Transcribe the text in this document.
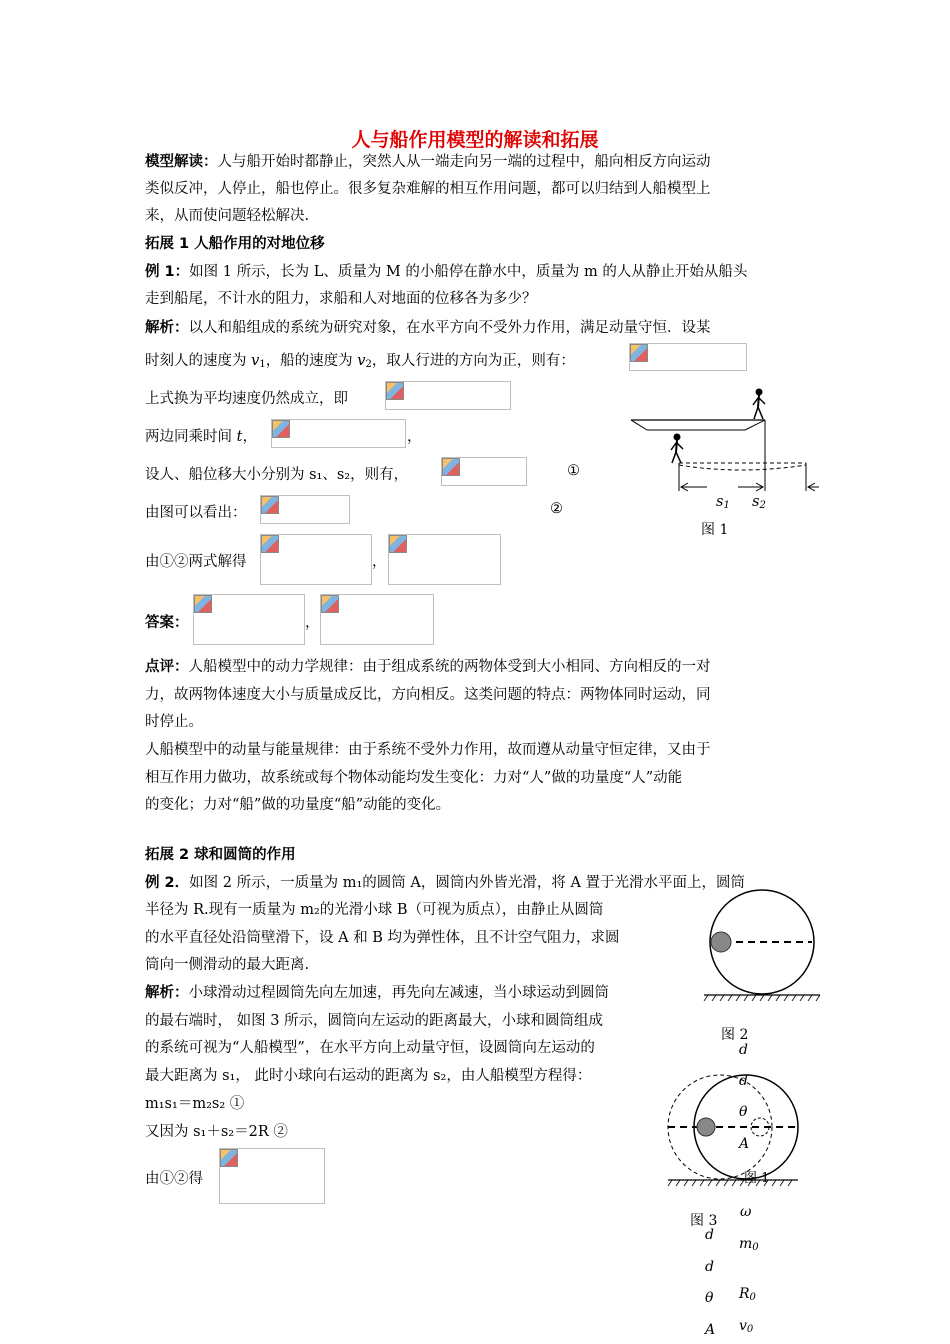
人与船作用模型的解读和拓展
模型解读：人与船开始时都静止，突然人从一端走向另一端的过程中，船向相反方向运动
类似反冲，人停止，船也停止。很多复杂难解的相互作用问题，都可以归结到人船模型上
来，从而使问题轻松解决.
拓展 1 人船作用的对地位移
例 1：如图 1 所示，长为 L、质量为 M 的小船停在静水中，质量为 m 的人从静止开始从船头
走到船尾，不计水的阻力，求船和人对地面的位移各为多少？
解析：以人和船组成的系统为研究对象，在水平方向不受外力作用，满足动量守恒．设某
时刻人的速度为 $v_1$，船的速度为 $v_2$，取人行进的方向为正，则有：
上式换为平均速度仍然成立，即
两边同乘时间 t，	，
设人、船位移大小分别为 s₁、s₂，则有，	①
由图可以看出：	②
由①②两式解得	，
答案：	，
$s_1$ $s_2$
图 1
点评：人船模型中的动力学规律：由于组成系统的两物体受到大小相同、方向相反的一对
力，故两物体速度大小与质量成反比，方向相反。这类问题的特点：两物体同时运动，同
时停止。
人船模型中的动量与能量规律：由于系统不受外力作用，故而遵从动量守恒定律，又由于
相互作用力做功，故系统或每个物体动能均发生变化：力对“人”做的功量度“人”动能
的变化；力对“船”做的功量度“船”动能的变化。
拓展 2 球和圆筒的作用
例 2．如图 2 所示，一质量为 m₁的圆筒 A，圆筒内外皆光滑，将 A 置于光滑水平面上，圆筒
半径为 R.现有一质量为 m₂的光滑小球 B（可视为质点），由静止从圆筒
的水平直径处沿筒壁滑下，设 A 和 B 均为弹性体，且不计空气阻力，求圆
筒向一侧滑动的最大距离.
解析：小球滑动过程圆筒先向左加速，再先向左减速，当小球运动到圆筒
的最右端时， 如图 3 所示，圆筒向左运动的距离最大，小球和圆筒组成
的系统可视为“人船模型”，在水平方向上动量守恒，设圆筒向左运动的
最大距离为 s₁， 此时小球向右运动的距离为 s₂，由人船模型方程得：
m₁s₁＝m₂s₂ ①
又因为 s₁＋s₂＝2R ②
由①②得
图 2
图 3
d
d
θ
A
图 1
ω
$m_0$
$R_0$
$v_0$
d
d
θ
A
